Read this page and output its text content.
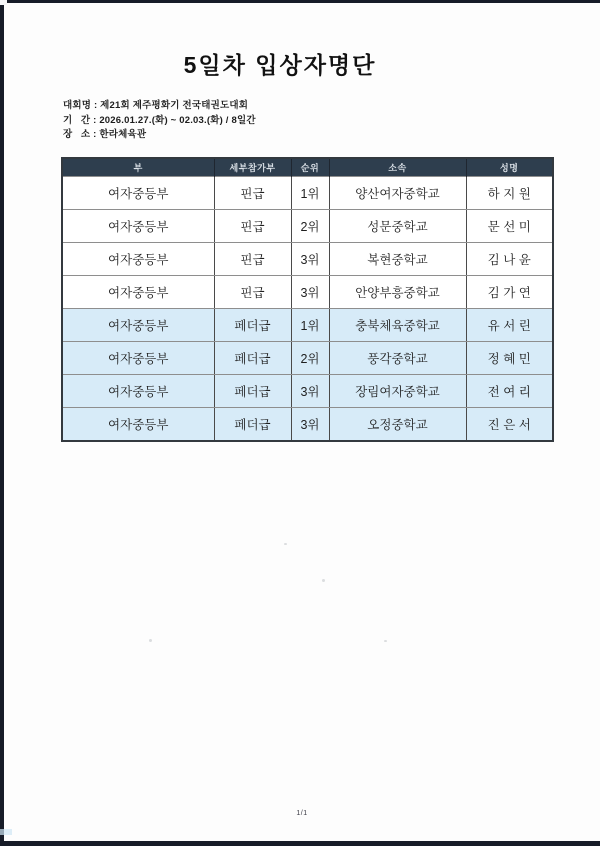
5일차 입상자명단
대회명 : 제21회 제주평화기 전국태권도대회
기   간 : 2026.01.27.(화) ~ 02.03.(화) / 8일간
장   소 : 한라체육관
부	세부참가부	순위	소속	성명
여자중등부	핀급	1위	양산여자중학교	하 지 원
여자중등부	핀급	2위	성문중학교	문 선 미
여자중등부	핀급	3위	복현중학교	김 나 윤
여자중등부	핀급	3위	안양부흥중학교	김 가 연
여자중등부	페더급	1위	충북체육중학교	유 서 린
여자중등부	페더급	2위	풍각중학교	정 혜 민
여자중등부	페더급	3위	장림여자중학교	전 여 리
여자중등부	페더급	3위	오정중학교	진 은 서
1/1
